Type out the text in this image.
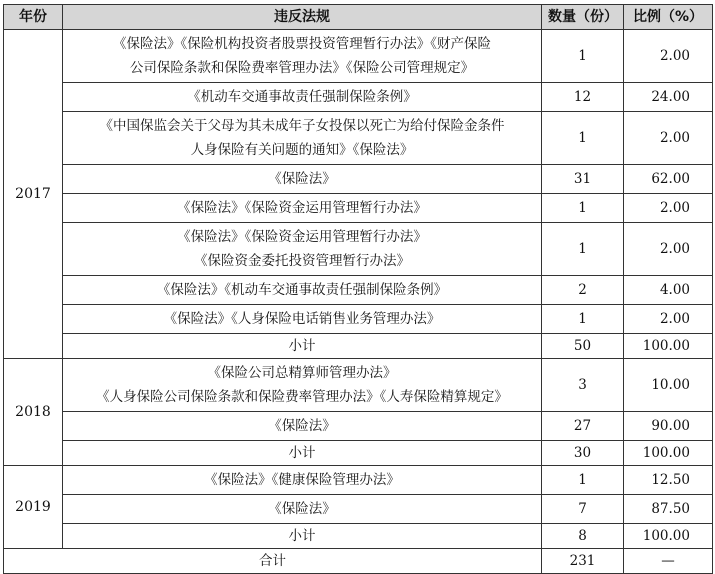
年份	违反法规	数量（份）	比例（%）
2017	《保险法》《保险机构投资者股票投资管理暂行办法》《财产保险
公司保险条款和保险费率管理办法》《保险公司管理规定》	1	2.00

	《机动车交通事故责任强制保险条例》	12	24.00

	《中国保监会关于父母为其未成年子女投保以死亡为给付保险金条件
人身保险有关问题的通知》《保险法》	1	2.00

	《保险法》	31	62.00

	《保险法》《保险资金运用管理暂行办法》	1	2.00

	《保险法》《保险资金运用管理暂行办法》
《保险资金委托投资管理暂行办法》	1	2.00

	《保险法》《机动车交通事故责任强制保险条例》	2	4.00

	《保险法》《人身保险电话销售业务管理办法》	1	2.00
	小计	50	100.00
2018	《保险公司总精算师管理办法》
《人身保险公司保险条款和保险费率管理办法》《人寿保险精算规定》	3	10.00

	《保险法》	27	90.00
	小计	30	100.00
2019	《保险法》《健康保险管理办法》	1	12.50

	《保险法》	7	87.50
	小计	8	100.00
合计		231	—
